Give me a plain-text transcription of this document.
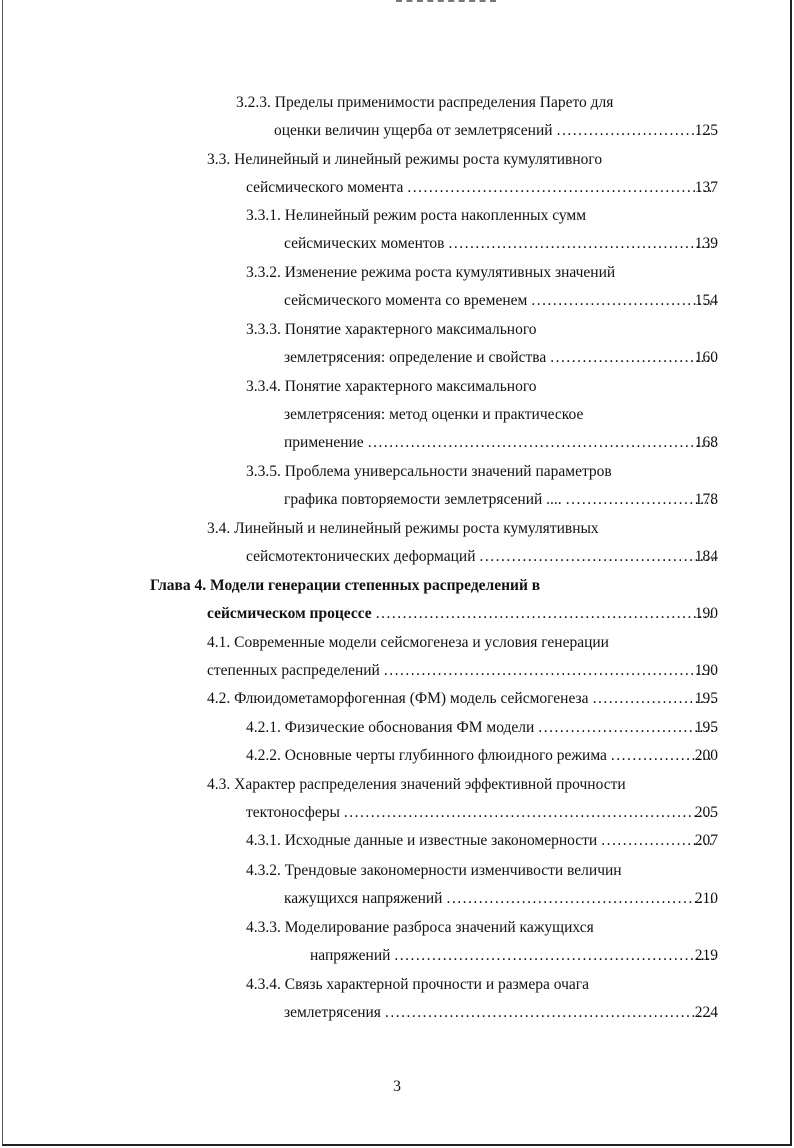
3.2.3. Пределы применимости распределения Парето для
оценки величин ущерба от землетрясений .....	125
3.3. Нелинейный и линейный режимы роста кумулятивного
сейсмического момента .....	137
3.3.1. Нелинейный режим роста накопленных сумм
сейсмических моментов .....	139
3.3.2. Изменение режима роста кумулятивных значений
сейсмического момента со временем .....	154
3.3.3. Понятие характерного максимального
землетрясения: определение и свойства .....	160
3.3.4. Понятие характерного максимального
землетрясения: метод оценки и практическое
применение .....	168
3.3.5. Проблема универсальности значений параметров
графика повторяемости землетрясений .... .....	178
3.4. Линейный и нелинейный режимы роста кумулятивных
сейсмотектонических деформаций .....	184
Глава 4. Модели генерации степенных распределений в
сейсмическом процессе .....	190
4.1. Современные модели сейсмогенеза и условия генерации
степенных распределений .....	190
4.2. Флюидометаморфогенная (ФМ) модель сейсмогенеза .....	195
4.2.1. Физические обоснования ФМ модели .....	195
4.2.2. Основные черты глубинного флюидного режима .....	200
4.3. Характер распределения значений эффективной прочности
тектоносферы .....	205
4.3.1. Исходные данные и известные закономерности .....	207
4.3.2. Трендовые закономерности изменчивости величин
кажущихся напряжений .....	210
4.3.3. Моделирование разброса значений кажущихся
напряжений .....	219
4.3.4. Связь характерной прочности и размера очага
землетрясения .....	224
3
